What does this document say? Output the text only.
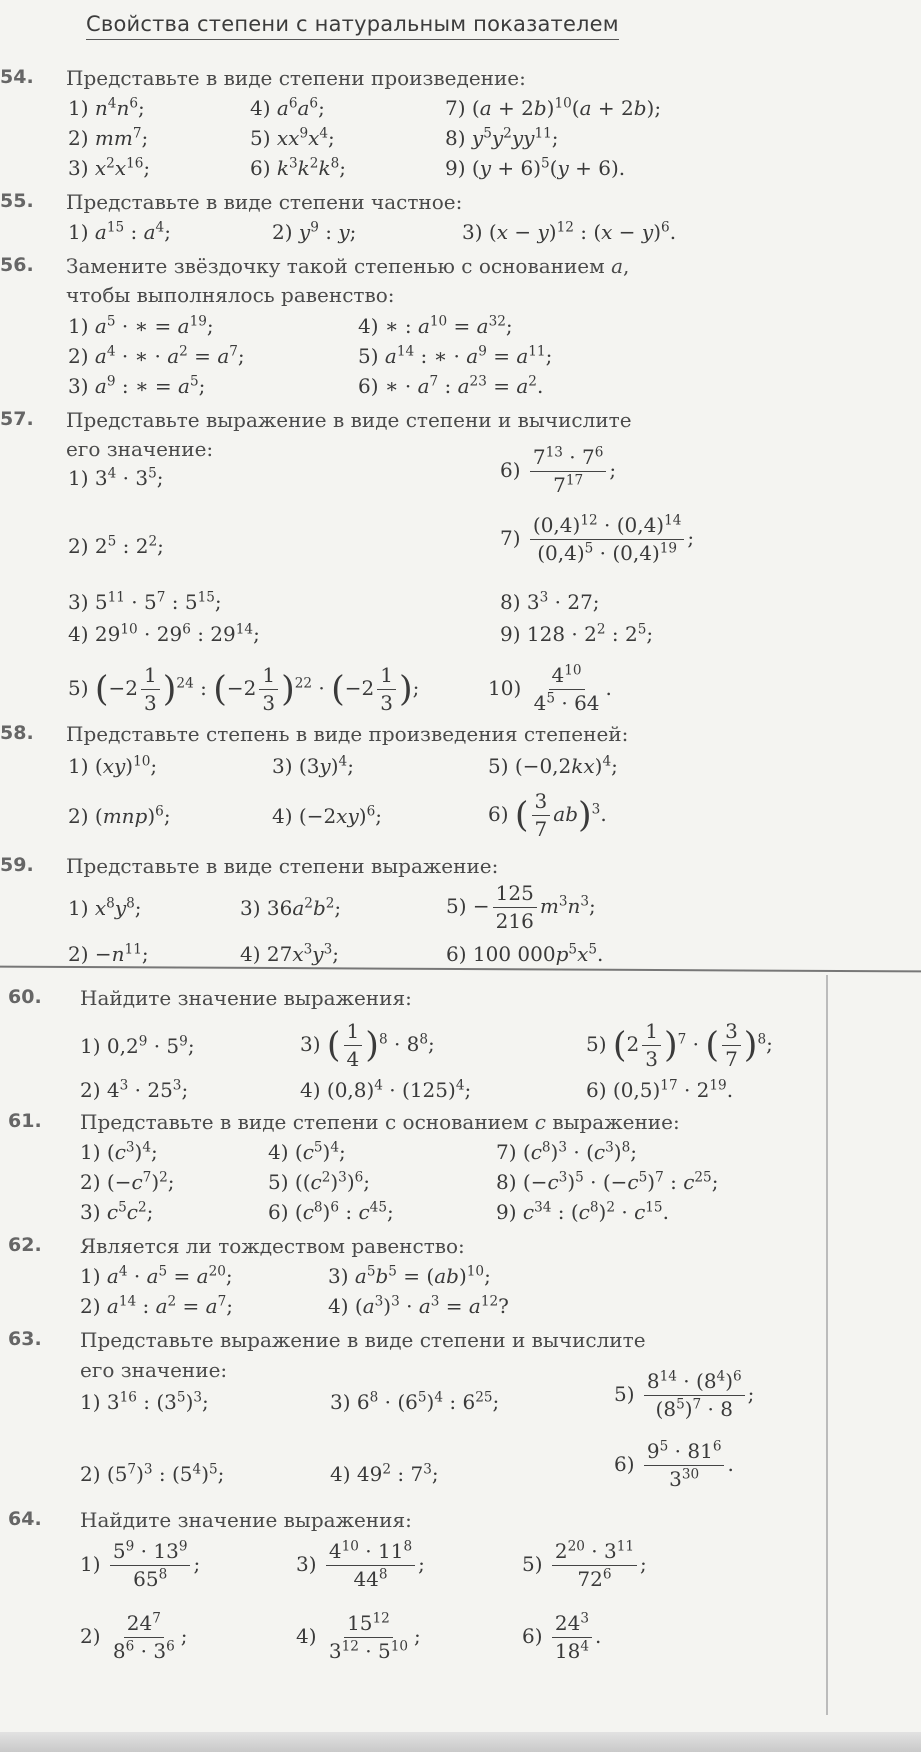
Свойства степени с натуральным показателем
54. Представьте в виде степени произведение:
1) $n^4n^6$;	4) $a^6a^6$;	7) $(a + 2b)^{10}(a + 2b)$;
2) $mm^7$;	5) $xx^9x^4$;	8) $y^5y^2yy^{11}$;
3) $x^2x^{16}$;	6) $k^3k^2k^8$;	9) $(y + 6)^5(y + 6)$.
55. Представьте в виде степени частное:
1) $a^{15}$ : $a^4$;	2) $y^9$ : y;	3) $(x - y)^{12}$ : $(x - y)^6$.
56. Замените звёздочку такой степенью с основанием a,
чтобы выполнялось равенство:
1) $a^5$ · ∗ = $a^{19}$;	4) ∗ : $a^{10} = a^{32}$;
2) $a^4$ · ∗ · $a^2 = a^7$;	5) $a^{14}$ : ∗ · $a^9 = a^{11}$;
3) $a^9$ : ∗ = $a^5$;	6) ∗ · $a^7$ : $a^{23} = a^2$.
57. Представьте выражение в виде степени и вычислите
его значение:
1) $3^4 \cdot 3^5$;	$6) \frac{7^{13} \cdot 7^6}{7^{17}}$ ;
2) $2^5$ : $2^2$;	$7) \frac{(0,4)^{12} \cdot (0,4)^{14}}{(0,4)^5 \cdot (0,4)^{19}}$ ;
3) $5^{11} \cdot 5^7$ : $5^{15}$;	8) $3^3 \cdot 27$;
4) $29^{10} \cdot 29^6$ : $29^{14}$;	9) $128 \cdot 2^2$ : $2^5$;
5) $(-2 \frac{1}{3} )^{24}$ : $(-2 \frac{1}{3} )^{22} \cdot (-2 \frac{1}{3}$ );	$10) \frac{4^{10}}{4^5 \cdot 64}$ .
58. Представьте степень в виде произведения степеней:
1) (xy)$^{10}$;	3) $(3y)^4$;	5) $(-0,2kx)^4$;
2) (mnp)$^6$;	4) $(-2xy)^6$;	6) ( $\frac{3}{7} ab)^3$.
59. Представьте в виде степени выражение:
1) $x^8y^8$;	3) $36a^2b^2$;	$5) - \frac{125}{216} m^3n^3$;
$2) -n^{11}$;	4) $27x^3y^3$;	6) 100 $000p^5x^5$.
60. Найдите значение выражения:
1) $0,2^9 \cdot 5^9$;	3) ( $\frac{1}{4} )^8 \cdot 8^8$;	5) $(2 \frac{1}{3} )^7$ · ( $\frac{3}{7} )^8$;
2) $4^3 \cdot 25^3$;	4) $(0,8)^4 \cdot (125)^4$;	6) $(0,5)^{17} \cdot 2^{19}$.
61. Представьте в виде степени с основанием c выражение:
1) $(c^3)^4$;	4) $(c^5)^4$;	7) $(c^8)^3 \cdot (c^3)^8$;
2) $(-c^7)^2$;	5) $((c^2)^3)^6$;	8) $(-c^3)^5 \cdot (-c^5)^7$ : $c^{25}$;
3) $c^5c^2$;	6) $(c^8)^6$ : $c^{45}$;	9) $c^{34}$ : $(c^8)^2 \cdot c^{15}$.
62. Является ли тождеством равенство:
1) $a^4 \cdot a^5 = a^{20}$;	3) $a^5b^5 = (ab)^{10}$;
2) $a^{14}$ : $a^2 = a^7$;	4) $(a^3)^3 \cdot a^3 = a^{12}$?
63. Представьте выражение в виде степени и вычислите
его значение:
1) $3^{16}$ : $(3^5)^3$;	3) $6^8 \cdot (6^5)^4$ : $6^{25}$;	$5) \frac{8^{14} \cdot (8^4)^6}{(8^5)^7 \cdot 8}$ ;
2) $(5^7)^3$ : $(5^4)^5$;	4) $49^2$ : $7^3$;	$6) \frac{9^5 \cdot 81^6}{3^{30}}$ .
64. Найдите значение выражения:
$1) \frac{5^9 \cdot 13^9}{65^8}$ ;	$3) \frac{4^{10} \cdot 11^8}{44^8}$ ;	$5) \frac{2^{20} \cdot 3^{11}}{72^6}$ ;
$2) \frac{24^7}{8^6 \cdot 3^6}$ ;	$4) \frac{15^{12}}{3^{12} \cdot 5^{10}}$ ;	$6) \frac{24^3}{18^4}$ .
